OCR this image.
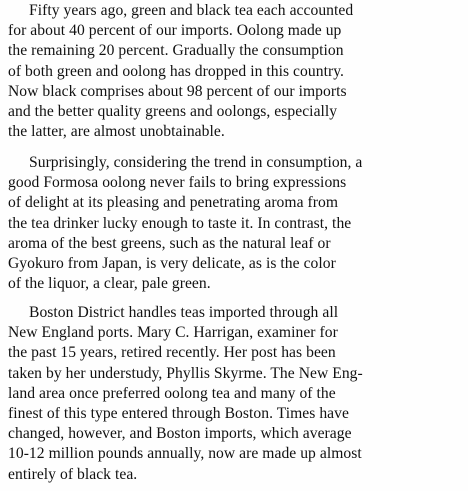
Fifty years ago, green and black tea each accounted
for about 40 percent of our imports. Oolong made up
the remaining 20 percent. Gradually the consumption
of both green and oolong has dropped in this country.
Now black comprises about 98 percent of our imports
and the better quality greens and oolongs, especially
the latter, are almost unobtainable.
Surprisingly, considering the trend in consumption, a
good Formosa oolong never fails to bring expressions
of delight at its pleasing and penetrating aroma from
the tea drinker lucky enough to taste it. In contrast, the
aroma of the best greens, such as the natural leaf or
Gyokuro from Japan, is very delicate, as is the color
of the liquor, a clear, pale green.
Boston District handles teas imported through all
New England ports. Mary C. Harrigan, examiner for
the past 15 years, retired recently. Her post has been
taken by her understudy, Phyllis Skyrme. The New Eng-
land area once preferred oolong tea and many of the
finest of this type entered through Boston. Times have
changed, however, and Boston imports, which average
10-12 million pounds annually, now are made up almost
entirely of black tea.
